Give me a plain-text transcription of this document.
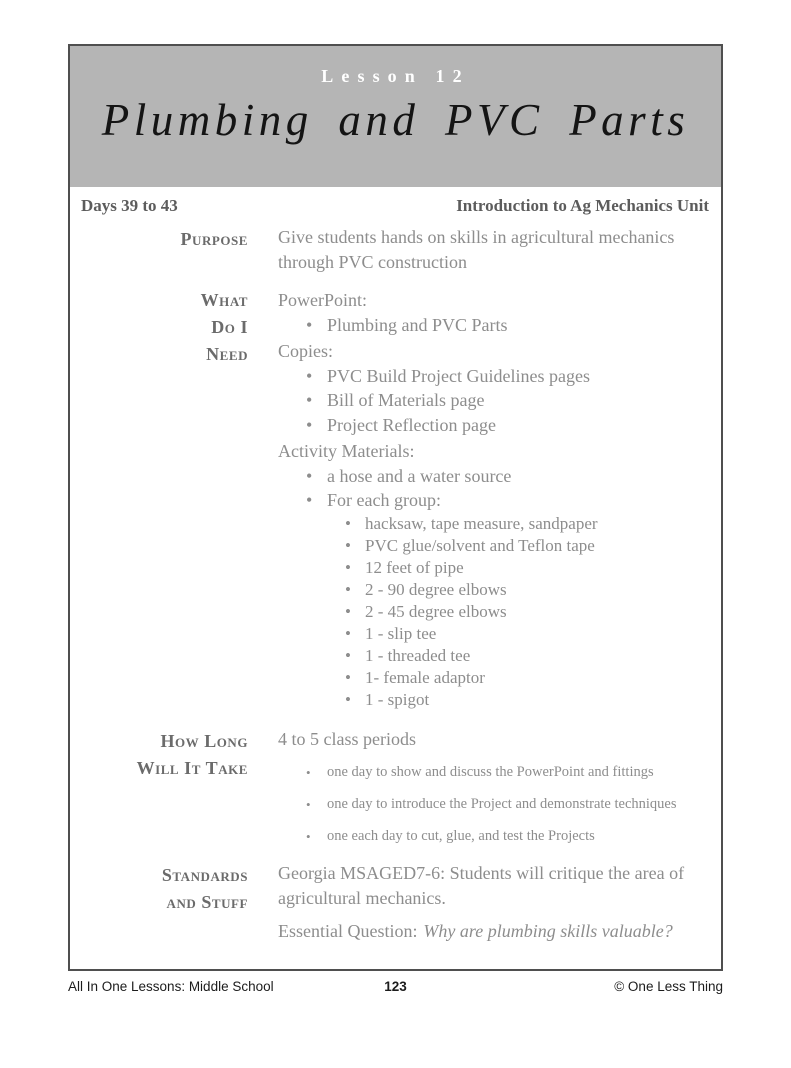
Lesson 12
Plumbing and PVC Parts
Days 39 to 43	Introduction to Ag Mechanics Unit
Purpose Give students hands on skills in agricultural mechanics through PVC construction
What
Do I
Need
PowerPoint:
• Plumbing and PVC Parts
Copies:
• PVC Build Project Guidelines pages
• Bill of Materials page
• Project Reflection page
Activity Materials:
• a hose and a water source
• For each group:
• hacksaw, tape measure, sandpaper
• PVC glue/solvent and Teflon tape
• 12 feet of pipe
• 2 - 90 degree elbows
• 2 - 45 degree elbows
• 1 - slip tee
• 1 - threaded tee
• 1- female adaptor
• 1 - spigot
How Long
Will It Take
4 to 5 class periods
• one day to show and discuss the PowerPoint and fittings
• one day to introduce the Project and demonstrate techniques
• one each day to cut, glue, and test the Projects
Standards
and Stuff
Georgia MSAGED7-6: Students will critique the area of agricultural mechanics.
Essential Question: Why are plumbing skills valuable?
All In One Lessons: Middle School	123	© One Less Thing
